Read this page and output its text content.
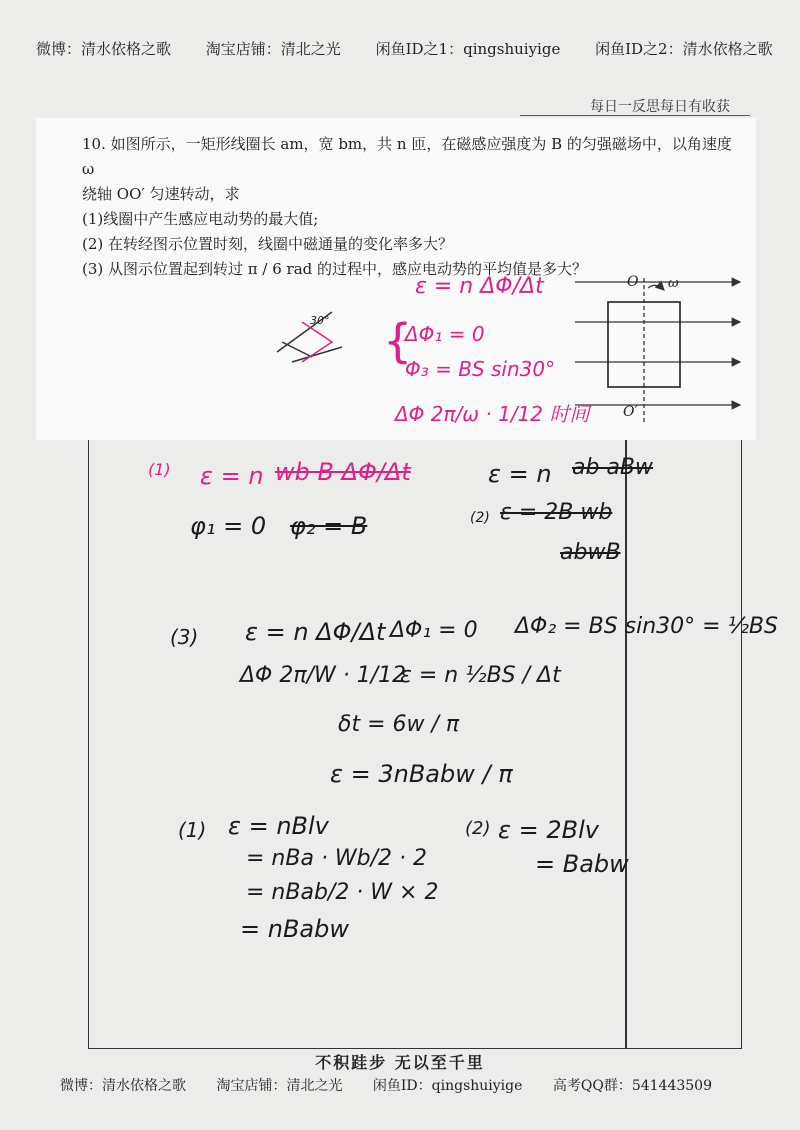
微博：清水依格之歌 淘宝店铺：清北之光 闲鱼ID之1：qingshuiyige 闲鱼ID之2：清水依格之歌
每日一反思每日有收获

10. 如图所示，一矩形线圈长 am，宽 bm，共 n 匝，在磁感应强度为 B 的匀强磁场中，以角速度 ω

绕轴 OO′ 匀速转动，求

(1)线圈中产生感应电动势的最大值;

(2) 在转经图示位置时刻，线圈中磁通量的变化率多大？

(3) 从图示位置起到转过 π / 6 rad 的过程中，感应电动势的平均值是多大？

O ω
O′
ε = n ΔΦ/Δt
30° {
ΔΦ₁ = 0
Φ₃ = BS sin30°
ΔΦ 2π/ω · 1/12 时间
(1) ε = n wb B ΔΦ/Δt	ε = n ab aBw
φ₁ = 0 φ₂ = B	(2) ε = 2B wb
abwB
(3) ε = n ΔΦ/Δt ΔΦ₁ = 0 ΔΦ₂ = BS sin30° = ½BS
ΔΦ 2π/W · 1/12
ε = n ½BS / Δt
δt = 6w / π
ε = 3nBabw / π
(1) ε = nBlv
= nBa · Wb/2 · 2
= nBab/2 · W × 2
= nBabw
(2) ε = 2Blv
= Babw
不积跬步 无以至千里
微博：清水依格之歌 淘宝店铺：清北之光 闲鱼ID：qingshuiyige 高考QQ群：541443509
